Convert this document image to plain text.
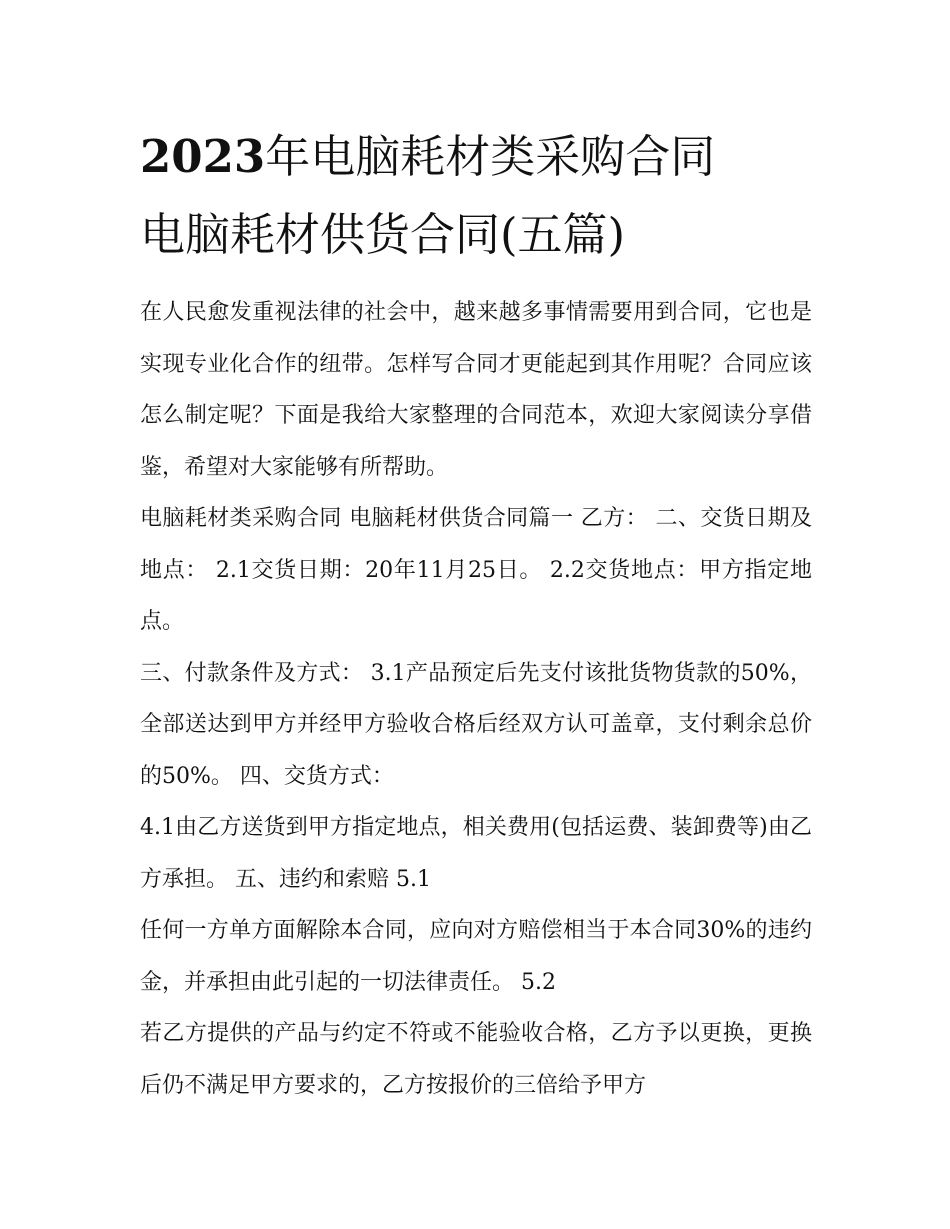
2023年电脑耗材类采购合同
电脑耗材供货合同(五篇)

在人民愈发重视法律的社会中，越来越多事情需要用到合同，它也是实现专业化合作的纽带。怎样写合同才更能起到其作用呢？合同应该怎么制定呢？下面是我给大家整理的合同范本，欢迎大家阅读分享借鉴，希望对大家能够有所帮助。

电脑耗材类采购合同 电脑耗材供货合同篇一 乙方： 二、交货日期及地点： 2.1交货日期：20年11月25日。 2.2交货地点：甲方指定地点。

三、付款条件及方式： 3.1产品预定后先支付该批货物货款的50%，全部送达到甲方并经甲方验收合格后经双方认可盖章，支付剩余总价的50%。 四、交货方式：

4.1由乙方送货到甲方指定地点，相关费用(包括运费、装卸费等)由乙方承担。 五、违约和索赔 5.1

任何一方单方面解除本合同，应向对方赔偿相当于本合同30%的违约金，并承担由此引起的一切法律责任。 5.2

若乙方提供的产品与约定不符或不能验收合格，乙方予以更换，更换后仍不满足甲方要求的，乙方按报价的三倍给予甲方
